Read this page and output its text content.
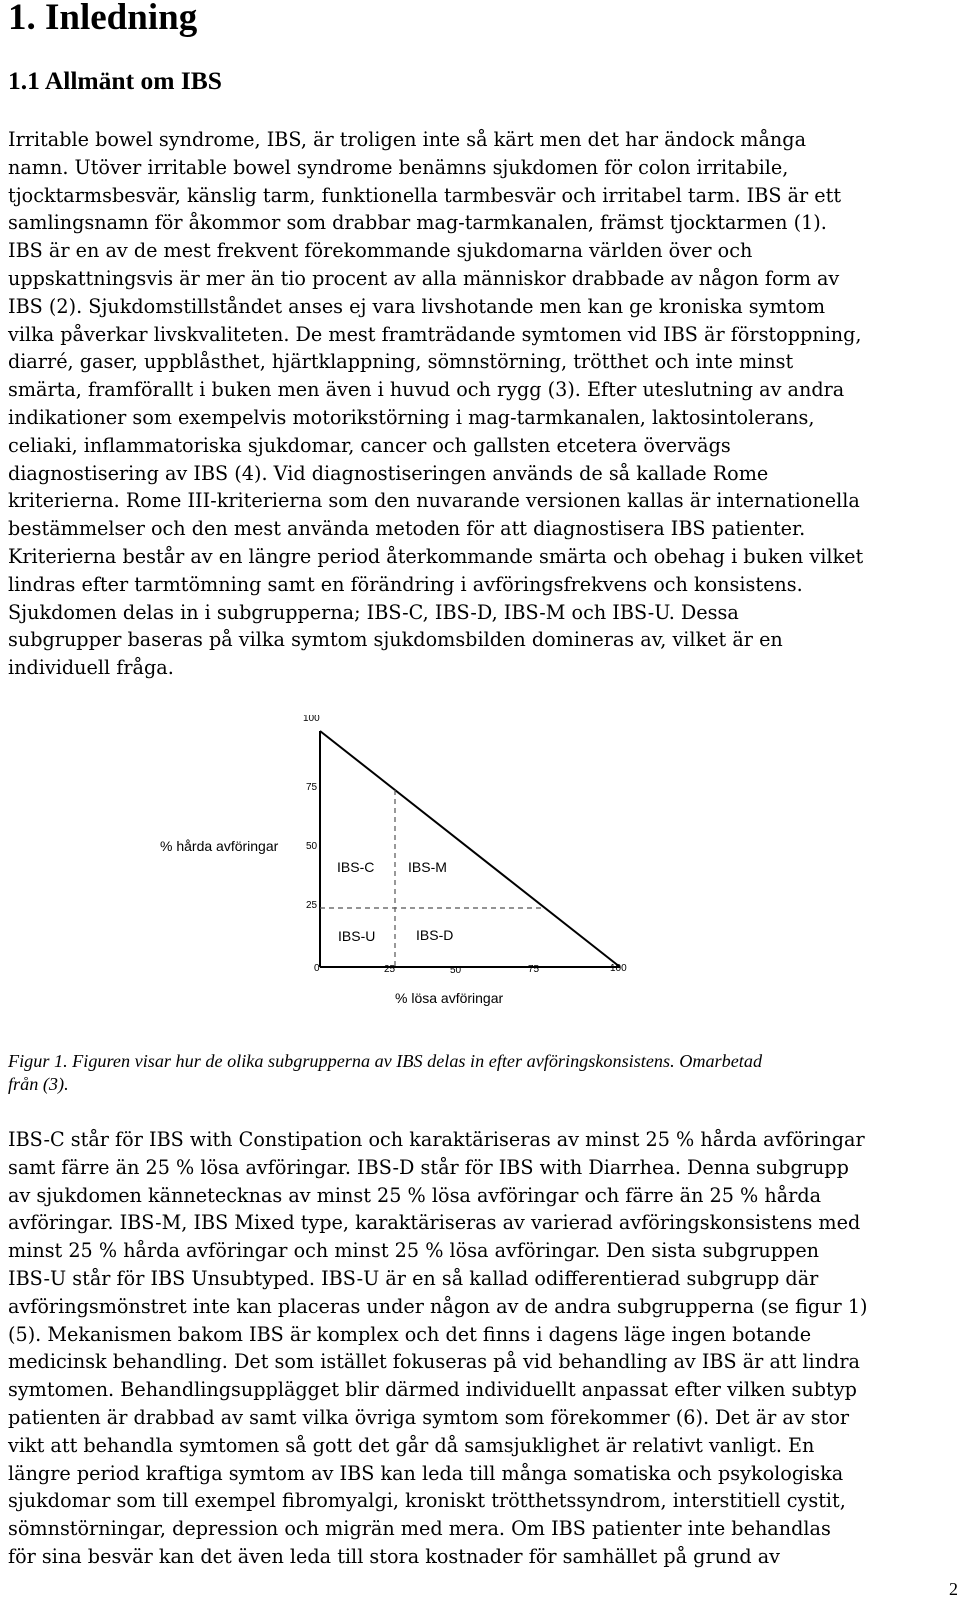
1. Inledning
1.1 Allmänt om IBS
Irritable bowel syndrome, IBS, är troligen inte så kärt men det har ändock många
namn. Utöver irritable bowel syndrome benämns sjukdomen för colon irritabile,
tjocktarmsbesvär, känslig tarm, funktionella tarmbesvär och irritabel tarm. IBS är ett
samlingsnamn för åkommor som drabbar mag-tarmkanalen, främst tjocktarmen (1).
IBS är en av de mest frekvent förekommande sjukdomarna världen över och
uppskattningsvis är mer än tio procent av alla människor drabbade av någon form av
IBS (2). Sjukdomstillståndet anses ej vara livshotande men kan ge kroniska symtom
vilka påverkar livskvaliteten. De mest framträdande symtomen vid IBS är förstoppning,
diarré, gaser, uppblåsthet, hjärtklappning, sömnstörning, trötthet och inte minst
smärta, framförallt i buken men även i huvud och rygg (3). Efter uteslutning av andra
indikationer som exempelvis motorikstörning i mag-tarmkanalen, laktosintolerans,
celiaki, inflammatoriska sjukdomar, cancer och gallsten etcetera övervägs
diagnostisering av IBS (4). Vid diagnostiseringen används de så kallade Rome
kriterierna. Rome III-kriterierna som den nuvarande versionen kallas är internationella
bestämmelser och den mest använda metoden för att diagnostisera IBS patienter.
Kriterierna består av en längre period återkommande smärta och obehag i buken vilket
lindras efter tarmtömning samt en förändring i avföringsfrekvens och konsistens.
Sjukdomen delas in i subgrupperna; IBS-C, IBS-D, IBS-M och IBS-U. Dessa
subgrupper baseras på vilka symtom sjukdomsbilden domineras av, vilket är en
individuell fråga.
100
75
50
25
0	25	50	75	100
IBS-C IBS-M
IBS-U	IBS-D
% hårda avföringar
% lösa avföringar
Figur 1. Figuren visar hur de olika subgrupperna av IBS delas in efter avföringskonsistens. Omarbetad
från (3).
IBS-C står för IBS with Constipation och karaktäriseras av minst 25 % hårda avföringar
samt färre än 25 % lösa avföringar. IBS-D står för IBS with Diarrhea. Denna subgrupp
av sjukdomen kännetecknas av minst 25 % lösa avföringar och färre än 25 % hårda
avföringar. IBS-M, IBS Mixed type, karaktäriseras av varierad avföringskonsistens med
minst 25 % hårda avföringar och minst 25 % lösa avföringar. Den sista subgruppen
IBS-U står för IBS Unsubtyped. IBS-U är en så kallad odifferentierad subgrupp där
avföringsmönstret inte kan placeras under någon av de andra subgrupperna (se figur 1)
(5). Mekanismen bakom IBS är komplex och det finns i dagens läge ingen botande
medicinsk behandling. Det som istället fokuseras på vid behandling av IBS är att lindra
symtomen. Behandlingsupplägget blir därmed individuellt anpassat efter vilken subtyp
patienten är drabbad av samt vilka övriga symtom som förekommer (6). Det är av stor
vikt att behandla symtomen så gott det går då samsjuklighet är relativt vanligt. En
längre period kraftiga symtom av IBS kan leda till många somatiska och psykologiska
sjukdomar som till exempel fibromyalgi, kroniskt trötthetssyndrom, interstitiell cystit,
sömnstörningar, depression och migrän med mera. Om IBS patienter inte behandlas
för sina besvär kan det även leda till stora kostnader för samhället på grund av
2
